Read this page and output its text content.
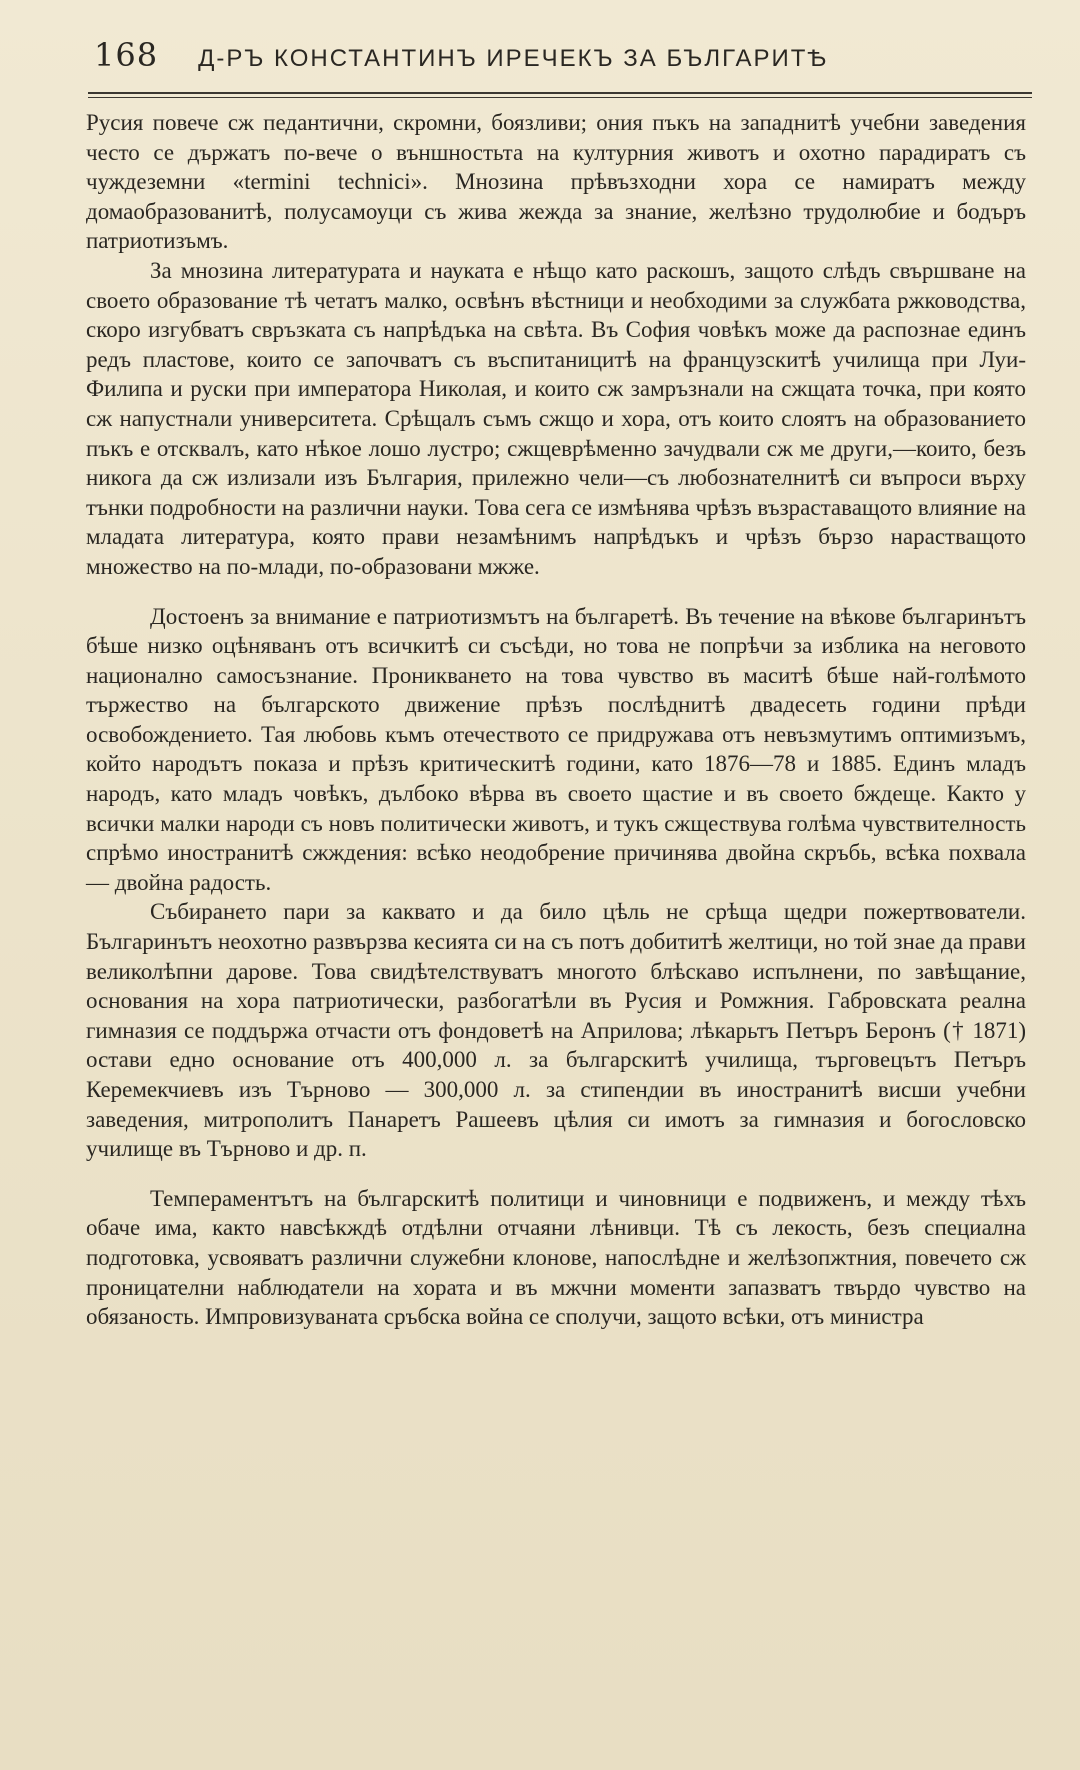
168 Д-РЪ КОНСТАНТИНЪ ИРЕЧЕКЪ ЗА БЪЛГАРИТѢ

Русия повече сж педантични, скромни, боязливи; ония пъкъ на западнитѣ учебни заведения често се държатъ по-вече о външностьта на културния животъ и охотно парадиратъ съ чуждеземни «termini technici». Мнозина прѣвъзходни хора се намиратъ между домаобразованитѣ, полусамоуци съ жива жежда за знание, желѣзно трудолюбие и бодъръ патриотизъмъ.

За мнозина литературата и науката е нѣщо като раскошъ, защото слѣдъ свършване на своето образование тѣ четатъ малко, освѣнъ вѣстници и необходими за службата ржководства, скоро изгубватъ свръзката съ напрѣдъка на свѣта. Въ София човѣкъ може да распознае единъ редъ пластове, които се започватъ съ въспитаницитѣ на французскитѣ училища при Луи-Филипа и руски при императора Николая, и които сж замръзнали на сжщата точка, при която сж напустнали университета. Срѣщалъ съмъ сжщо и хора, отъ които слоятъ на образованието пъкъ е отсквалъ, като нѣкое лошо лустро; сжщеврѣменно зачудвали сж ме други,—които, безъ никога да сж излизали изъ България, прилежно чели—съ любознателнитѣ си въпроси върху тънки подробности на различни науки. Това сега се измѣнява чрѣзъ възраставащото влияние на младата литература, която прави незамѣнимъ напрѣдъкъ и чрѣзъ бързо нарастващото множество на по-млади, по-образовани мжже.

Достоенъ за внимание е патриотизмътъ на българетѣ. Въ течение на вѣкове българинътъ бѣше низко оцѣняванъ отъ всичкитѣ си съсѣди, но това не попрѣчи за изблика на неговото национално самосъзнание. Проникването на това чувство въ маситѣ бѣше най-голѣмото тържество на българското движение прѣзъ послѣднитѣ двадесеть години прѣди освобождението. Тая любовь къмъ отечеството се придружава отъ невъзмутимъ оптимизъмъ, който народътъ показа и прѣзъ критическитѣ години, като 1876—78 и 1885. Единъ младъ народъ, като младъ човѣкъ, дълбоко вѣрва въ своето щастие и въ своето бждеще. Както у всички малки народи съ новъ политически животъ, и тукъ сжществува голѣма чувствителность спрѣмо иностранитѣ сжждения: всѣко неодобрение причинява двойна скръбь, всѣка похвала — двойна радость.

Събирането пари за каквато и да било цѣль не срѣща щедри пожертвователи. Българинътъ неохотно развързва кесията си на съ потъ добититѣ желтици, но той знае да прави великолѣпни дарове. Това свидѣтелствуватъ многото блѣскаво испълнени, по завѣщание, основания на хора патриотически, разбогатѣли въ Русия и Ромжния. Габровската реална гимназия се поддържа отчасти отъ фондоветѣ на Априлова; лѣкарьтъ Петъръ Беронъ († 1871) остави едно основание отъ 400,000 л. за българскитѣ училища, търговецътъ Петъръ Керемекчиевъ изъ Търново — 300,000 л. за стипендии въ иностранитѣ висши учебни заведения, митрополитъ Панаретъ Рашеевъ цѣлия си имотъ за гимназия и богословско училище въ Търново и др. п.

Темпераментътъ на българскитѣ политици и чиновници е подвиженъ, и между тѣхъ обаче има, както навсѣкждѣ отдѣлни отчаяни лѣнивци. Тѣ съ лекость, безъ специална подготовка, усвояватъ различни служебни клонове, напослѣдне и желѣзопжтния, повечето сж проницателни наблюдатели на хората и въ мжчни моменти запазватъ твърдо чувство на обязаность. Импровизуваната сръбска война се сполучи, защото всѣки, отъ министра
